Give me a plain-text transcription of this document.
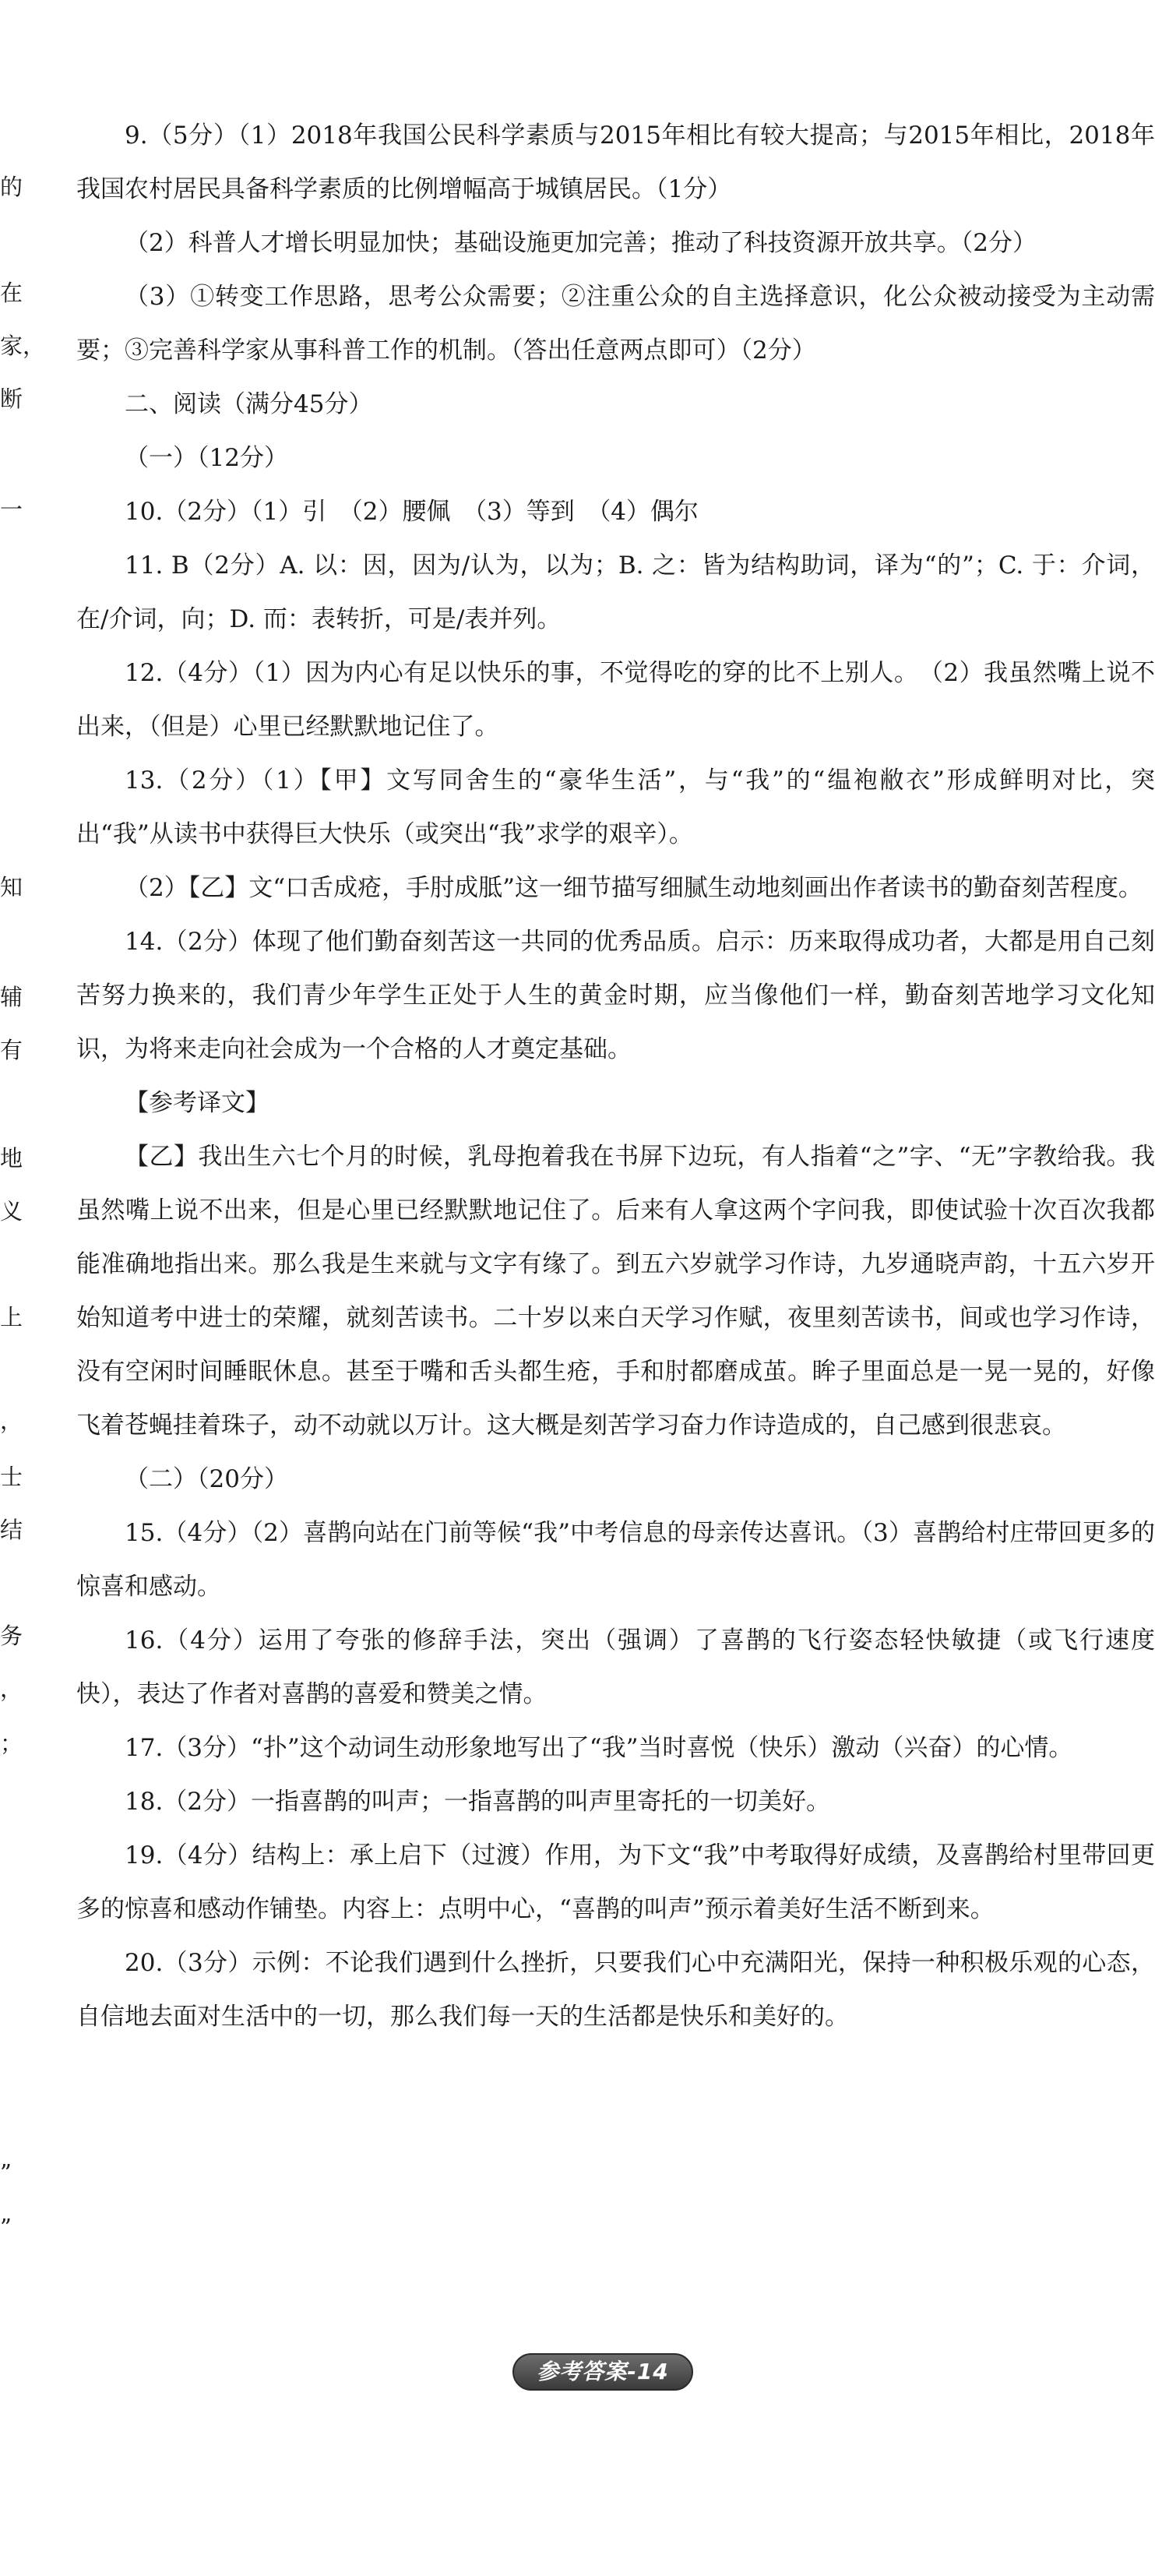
的
在
家，
断
一
知
辅
有
地
义
上
，
士
结
务
，
；
”
”

9.（5分）（1）2018年我国公民科学素质与2015年相比有较大提高；与2015年相比，2018年我国农村居民具备科学素质的比例增幅高于城镇居民。（1分）

（2）科普人才增长明显加快；基础设施更加完善；推动了科技资源开放共享。（2分）

（3）①转变工作思路，思考公众需要；②注重公众的自主选择意识，化公众被动接受为主动需要；③完善科学家从事科普工作的机制。（答出任意两点即可）（2分）

二、阅读（满分45分）

（一）（12分）

10.（2分）（1）引　（2）腰佩　（3）等到　（4）偶尔

11. B（2分）A. 以：因，因为/认为，以为；B. 之：皆为结构助词，译为“的”；C. 于：介词，在/介词，向；D. 而：表转折，可是/表并列。

12.（4分）（1）因为内心有足以快乐的事，不觉得吃的穿的比不上别人。　（2）我虽然嘴上说不出来，（但是）心里已经默默地记住了。

13.（2分）（1）【甲】文写同舍生的“豪华生活”，与“我”的“缊袍敝衣”形成鲜明对比，突出“我”从读书中获得巨大快乐（或突出“我”求学的艰辛）。

（2）【乙】文“口舌成疮，手肘成胝”这一细节描写细腻生动地刻画出作者读书的勤奋刻苦程度。

14.（2分）体现了他们勤奋刻苦这一共同的优秀品质。启示：历来取得成功者，大都是用自己刻苦努力换来的，我们青少年学生正处于人生的黄金时期，应当像他们一样，勤奋刻苦地学习文化知识，为将来走向社会成为一个合格的人才奠定基础。

【参考译文】

【乙】我出生六七个月的时候，乳母抱着我在书屏下边玩，有人指着“之”字、“无”字教给我。我虽然嘴上说不出来，但是心里已经默默地记住了。后来有人拿这两个字问我，即使试验十次百次我都能准确地指出来。那么我是生来就与文字有缘了。到五六岁就学习作诗，九岁通晓声韵，十五六岁开始知道考中进士的荣耀，就刻苦读书。二十岁以来白天学习作赋，夜里刻苦读书，间或也学习作诗，没有空闲时间睡眠休息。甚至于嘴和舌头都生疮，手和肘都磨成茧。眸子里面总是一晃一晃的，好像飞着苍蝇挂着珠子，动不动就以万计。这大概是刻苦学习奋力作诗造成的，自己感到很悲哀。

（二）（20分）

15.（4分）（2）喜鹊向站在门前等候“我”中考信息的母亲传达喜讯。（3）喜鹊给村庄带回更多的惊喜和感动。

16.（4分）运用了夸张的修辞手法，突出（强调）了喜鹊的飞行姿态轻快敏捷（或飞行速度快），表达了作者对喜鹊的喜爱和赞美之情。

17.（3分）“扑”这个动词生动形象地写出了“我”当时喜悦（快乐）激动（兴奋）的心情。

18.（2分）一指喜鹊的叫声；一指喜鹊的叫声里寄托的一切美好。

19.（4分）结构上：承上启下（过渡）作用，为下文“我”中考取得好成绩，及喜鹊给村里带回更多的惊喜和感动作铺垫。内容上：点明中心，“喜鹊的叫声”预示着美好生活不断到来。

20.（3分）示例：不论我们遇到什么挫折，只要我们心中充满阳光，保持一种积极乐观的心态，自信地去面对生活中的一切，那么我们每一天的生活都是快乐和美好的。

参考答案-14
